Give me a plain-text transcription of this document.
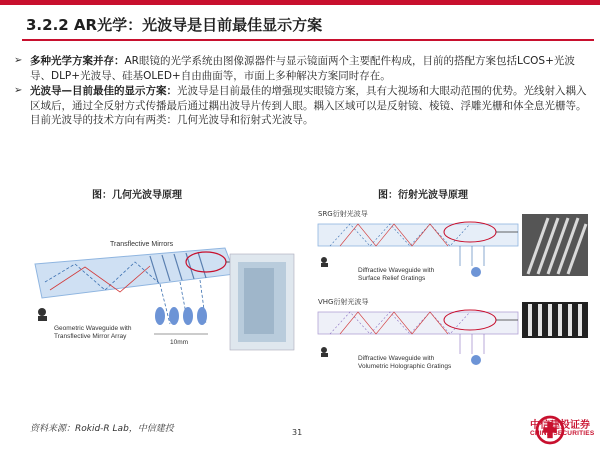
3.2.2 AR光学：光波导是目前最佳显示方案
➢ 多种光学方案并存：AR眼镜的光学系统由图像源器件与显示镜面两个主要配件构成，目前的搭配方案包括LCOS+光波导、DLP+光波导、硅基OLED+自由曲面等，市面上多种解决方案同时存在。
➢ 光波导—目前最佳的显示方案：光波导是目前最佳的增强现实眼镜方案，具有大视场和大眼动范围的优势。光线射入耦入区域后，通过全反射方式传播最后通过耦出波导片传到人眼。耦入区域可以是反射镜、棱镜、浮雕光栅和体全息光栅等。目前光波导的技术方向有两类：几何光波导和衍射式光波导。
图：几何光波导原理
Transflective Mirrors
Geometric Waveguide with
Transflective Mirror Array
10mm
图：衍射光波导原理
SRG衍射光波导
Diffractive Waveguide with
Surface Relief Gratings
VHG衍射光波导
Diffractive Waveguide with
Volumetric Holographic Gratings
资料来源：Rokid-R Lab，中信建投	31
中信建投证券
CHINA SECURITIES
